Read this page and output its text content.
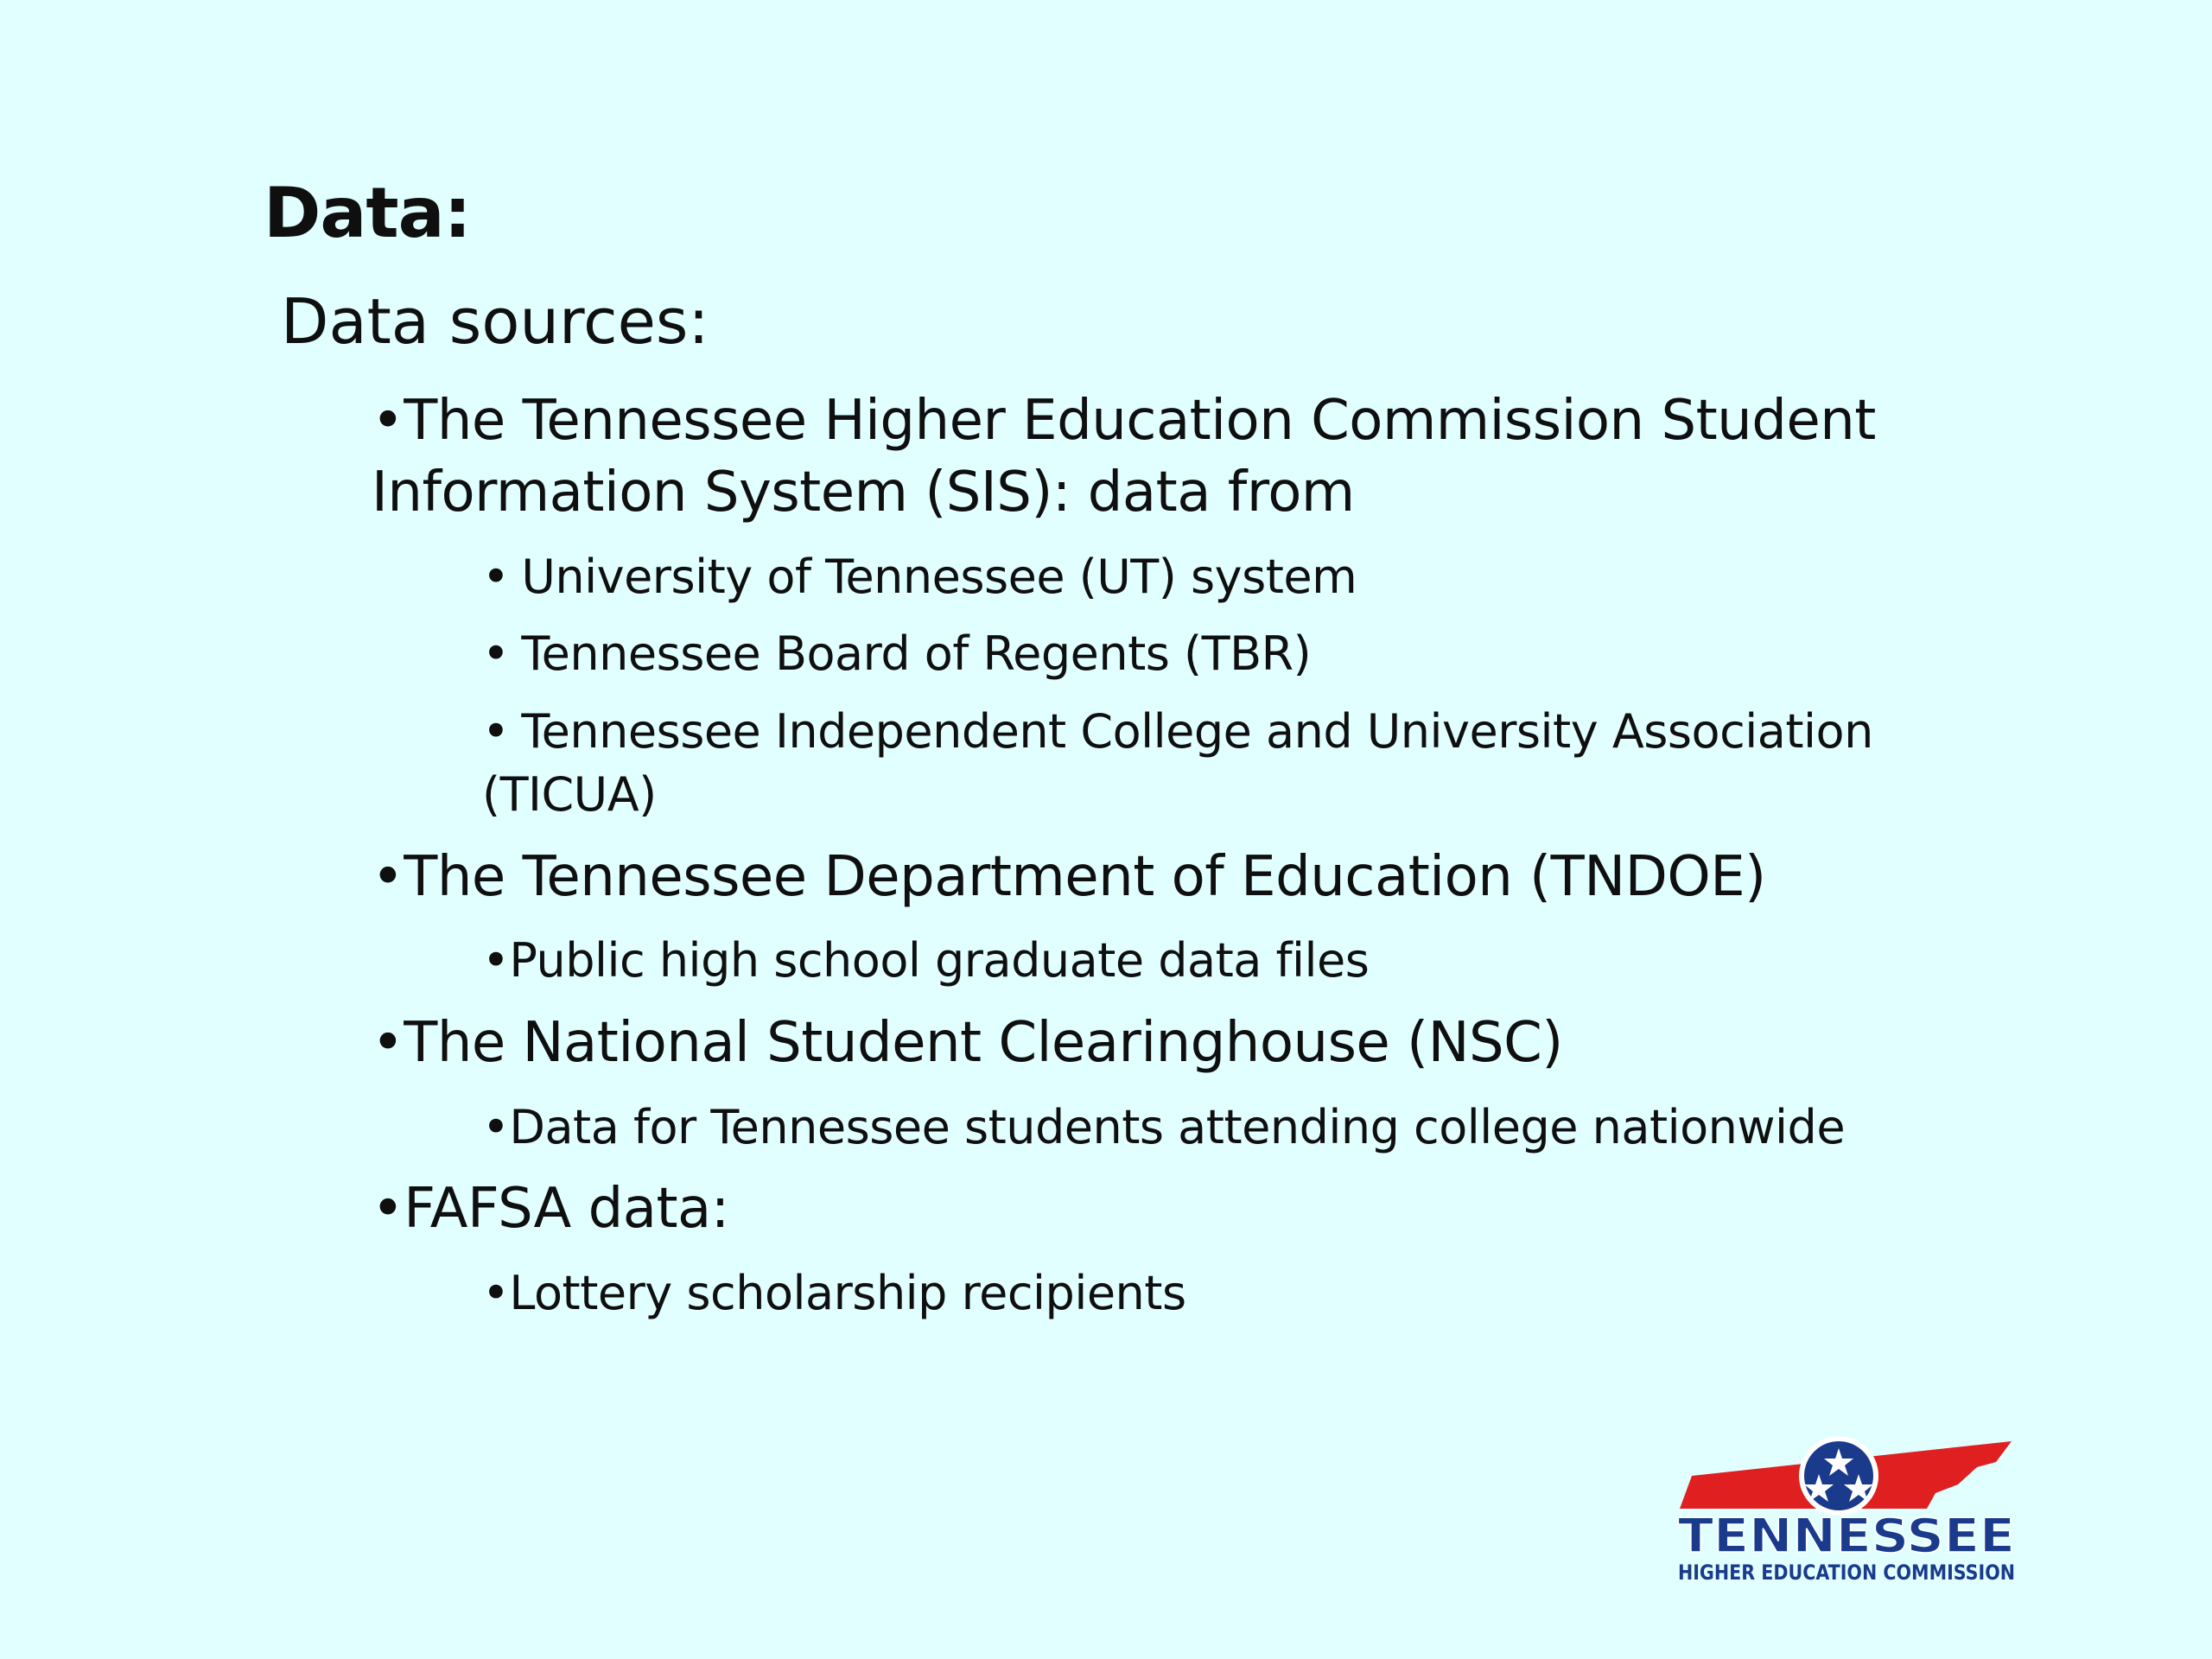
Data:
Data sources:
•The Tennessee Higher Education Commission Student
Information System (SIS): data from
• University of Tennessee (UT) system
• Tennessee Board of Regents (TBR)
• Tennessee Independent College and University Association
(TICUA)
•The Tennessee Department of Education (TNDOE)
•Public high school graduate data files
•The National Student Clearinghouse (NSC)
•Data for Tennessee students attending college nationwide
•FAFSA data:
•Lottery scholarship recipients
TENNESSEE
HIGHER EDUCATION COMMISSION
